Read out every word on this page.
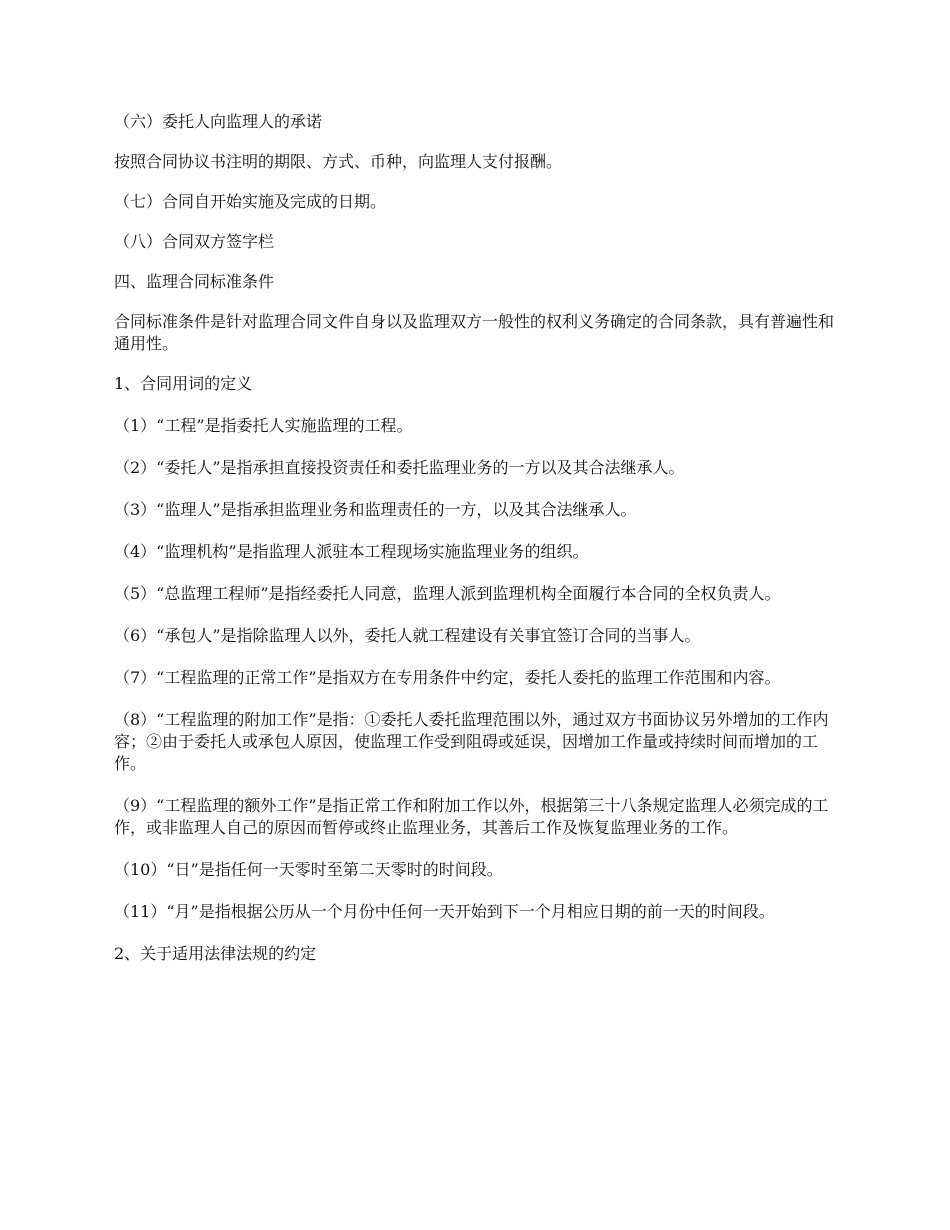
（六）委托人向监理人的承诺

按照合同协议书注明的期限、方式、币种，向监理人支付报酬。

（七）合同自开始实施及完成的日期。

（八）合同双方签字栏

四、监理合同标准条件

合同标准条件是针对监理合同文件自身以及监理双方一般性的权利义务确定的合同条款，具有普遍性和通用性。

1、合同用词的定义

（1）“工程”是指委托人实施监理的工程。

（2）“委托人”是指承担直接投资责任和委托监理业务的一方以及其合法继承人。

（3）“监理人”是指承担监理业务和监理责任的一方，以及其合法继承人。

（4）“监理机构”是指监理人派驻本工程现场实施监理业务的组织。

（5）“总监理工程师”是指经委托人同意，监理人派到监理机构全面履行本合同的全权负责人。

（6）“承包人”是指除监理人以外，委托人就工程建设有关事宜签订合同的当事人。

（7）“工程监理的正常工作”是指双方在专用条件中约定，委托人委托的监理工作范围和内容。

（8）“工程监理的附加工作”是指：①委托人委托监理范围以外，通过双方书面协议另外增加的工作内容；②由于委托人或承包人原因，使监理工作受到阻碍或延误，因增加工作量或持续时间而增加的工作。

（9）“工程监理的额外工作”是指正常工作和附加工作以外，根据第三十八条规定监理人必须完成的工作，或非监理人自己的原因而暂停或终止监理业务，其善后工作及恢复监理业务的工作。

（10）“日”是指任何一天零时至第二天零时的时间段。

（11）“月”是指根据公历从一个月份中任何一天开始到下一个月相应日期的前一天的时间段。

2、关于适用法律法规的约定
